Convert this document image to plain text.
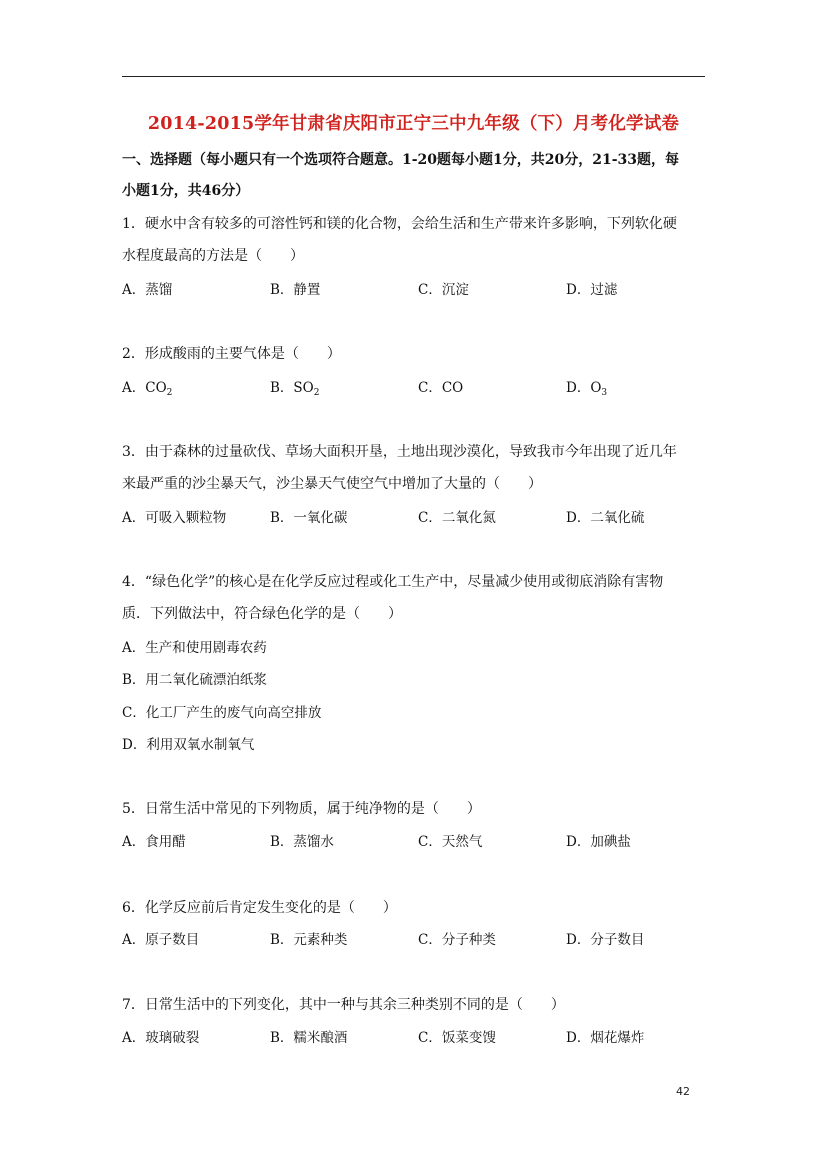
2014-2015学年甘肃省庆阳市正宁三中九年级（下）月考化学试卷
一、选择题（每小题只有一个选项符合题意。1-20题每小题1分，共20分，21-33题，每
小题1分，共46分）
1．硬水中含有较多的可溶性钙和镁的化合物，会给生活和生产带来许多影响，下列软化硬
水程度最高的方法是（　　）
A．蒸馏	B．静置	C．沉淀	D．过滤
2．形成酸雨的主要气体是（　　）
A．$CO_2$	B．$SO_2$	C．CO	D．$O_3$
3．由于森林的过量砍伐、草场大面积开垦，土地出现沙漠化，导致我市今年出现了近几年
来最严重的沙尘暴天气，沙尘暴天气使空气中增加了大量的（　　）
A．可吸入颗粒物	B．一氧化碳	C．二氧化氮	D．二氧化硫
4．“绿色化学”的核心是在化学反应过程或化工生产中，尽量减少使用或彻底消除有害物
质．下列做法中，符合绿色化学的是（　　）
A．生产和使用剧毒农药
B．用二氧化硫漂泊纸浆
C．化工厂产生的废气向高空排放
D．利用双氧水制氧气
5．日常生活中常见的下列物质，属于纯净物的是（　　）
A．食用醋	B．蒸馏水	C．天然气	D．加碘盐
6．化学反应前后肯定发生变化的是（　　）
A．原子数目	B．元素种类	C．分子种类	D．分子数目
7．日常生活中的下列变化，其中一种与其余三种类别不同的是（　　）
A．玻璃破裂	B．糯米酿酒	C．饭菜变馊	D．烟花爆炸
42
